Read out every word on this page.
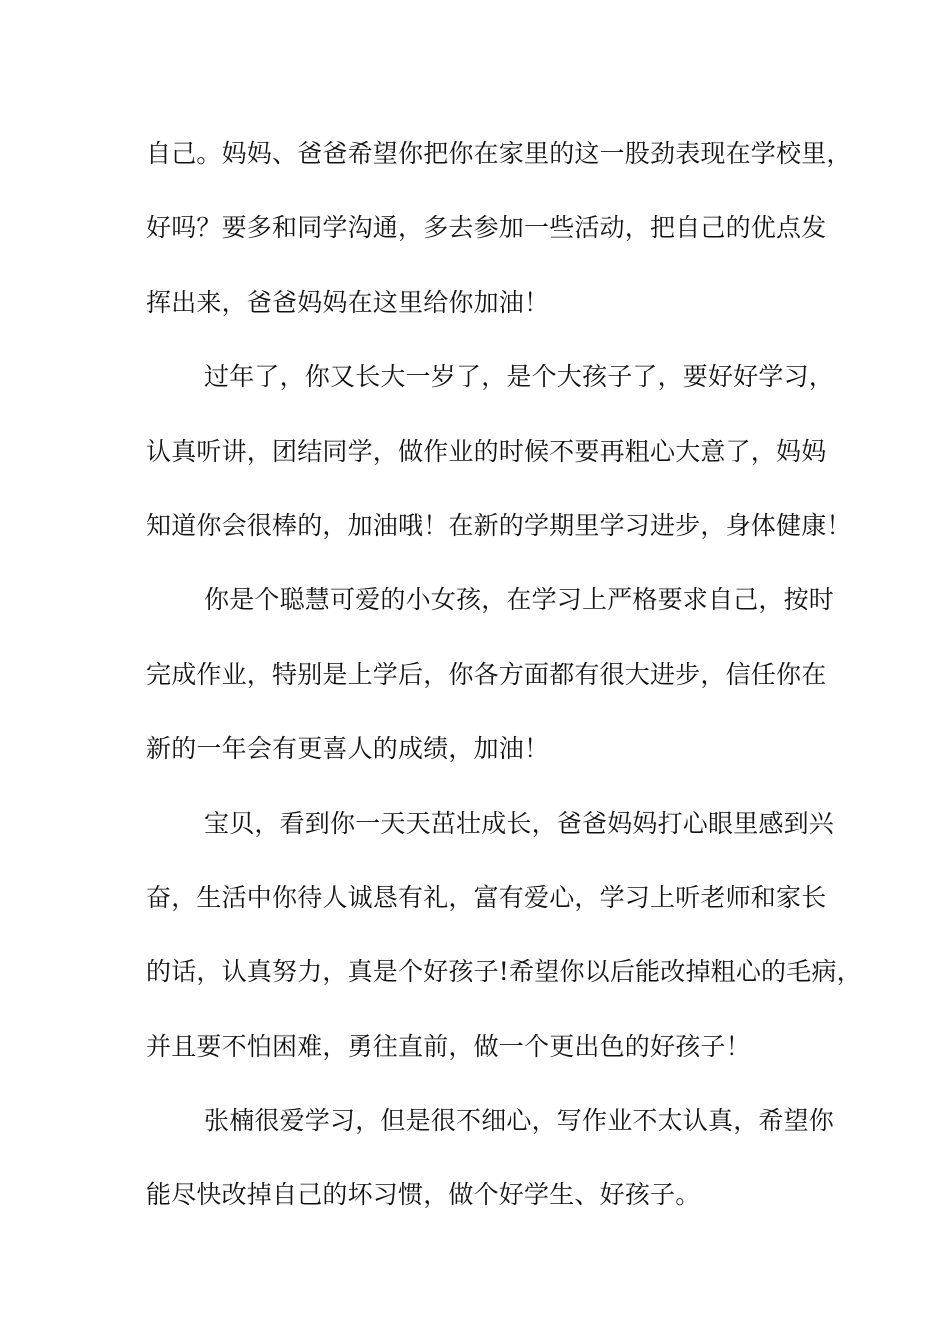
自己。妈妈、爸爸希望你把你在家里的这一股劲表现在学校里，
好吗？要多和同学沟通，多去参加一些活动，把自己的优点发
挥出来，爸爸妈妈在这里给你加油！
过年了，你又长大一岁了，是个大孩子了，要好好学习，
认真听讲，团结同学，做作业的时候不要再粗心大意了，妈妈
知道你会很棒的，加油哦！在新的学期里学习进步，身体健康！
你是个聪慧可爱的小女孩，在学习上严格要求自己，按时
完成作业，特别是上学后，你各方面都有很大进步，信任你在
新的一年会有更喜人的成绩，加油！
宝贝，看到你一天天茁壮成长，爸爸妈妈打心眼里感到兴
奋，生活中你待人诚恳有礼，富有爱心，学习上听老师和家长
的话，认真努力，真是个好孩子!希望你以后能改掉粗心的毛病，
并且要不怕困难，勇往直前，做一个更出色的好孩子！
张楠很爱学习，但是很不细心，写作业不太认真，希望你
能尽快改掉自己的坏习惯，做个好学生、好孩子。
